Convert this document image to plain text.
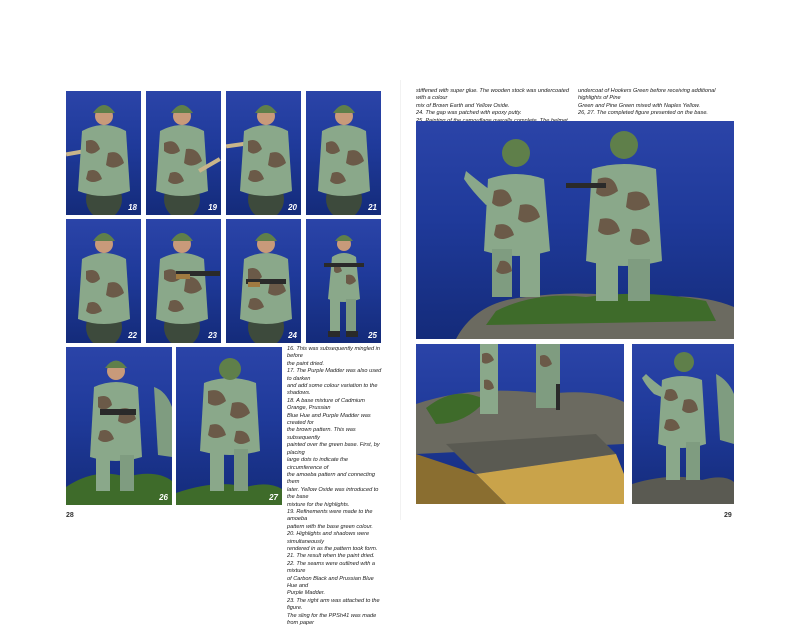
18	19	20	21
22	23	24	25
26	27

16. This was subsequently mingled in before

the paint dried.

17. The Purple Madder was also used to darken

and add some colour variation to the shadows.

18. A base mixture of Cadmium Orange, Prussian

Blue Hue and Purple Madder was created for

the brown pattern. This was subsequently

painted over the green base. First, by placing

large dots to indicate the circumference of

the amoeba pattern and connecting them

later. Yellow Oxide was introduced to the base

mixture for the highlights.

19. Refinements were made to the amoeba

pattern with the base green colour.

20. Highlights and shadows were simultaneously

rendered in as the pattern took form.

21. The result when the paint dried.

22. The seams were outlined with a mixture

of Carbon Black and Prussian Blue Hue and

Purple Madder.

23. The right arm was attached to the figure.

The sling for the PPSh41 was made from paper

28

stiffened with super glue. The wooden stock was undercoated with a colour

mix of Brown Earth and Yellow Oxide.

24. The gap was patched with epoxy putty.

undercoat of Hookers Green before receiving additional highlights of Pine

Green and Pine Green mixed with Naples Yellow.

26, 27. The completed figure presented on the base.

29
